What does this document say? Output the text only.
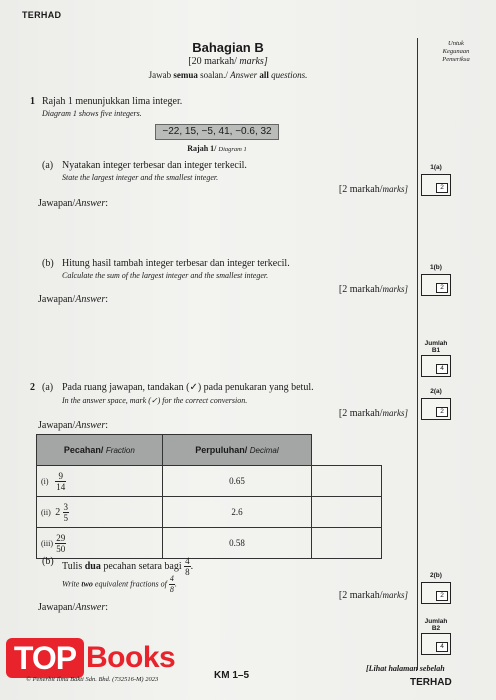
TERHAD
Bahagian B
[20 markah/ marks]
Jawab semua soalan./ Answer all questions.
Untuk
Kegunaan
Pemeriksa
1 Rajah 1 menunjukkan lima integer.
Diagram 1 shows five integers.
−22, 15, −5, 41, −0.6, 32
Rajah 1/ Diagram 1
(a) Nyatakan integer terbesar dan integer terkecil.
State the largest integer and the smallest integer.
[2 markah/marks]
Jawapan/Answer:
(b) Hitung hasil tambah integer terbesar dan integer terkecil.
Calculate the sum of the largest integer and the smallest integer.
[2 markah/marks]
Jawapan/Answer:
2 (a) Pada ruang jawapan, tandakan (✓) pada penukaran yang betul.
In the answer space, mark (✓) for the correct conversion.
[2 markah/marks]
Jawapan/Answer:
Pecahan/ Fraction	Perpuluhan/ Decimal	
$(i) \frac{9}{14}$	0.65	
(ii) $2 \frac{3}{5}$	2.6	
$(iii) \frac{29}{50}$	0.58	
(b) Tulis dua pecahan setara bagi $\frac{4}{8}$ .
Write two equivalent fractions of $\frac{4}{8}$ .
[2 markah/marks]
Jawapan/Answer:
1(a)
2
1(b)
2
Jumlah
B1
4
2(a)
2
2(b)
2
Jumlah
B2
4
TOP Books
© Penerbit Ilmu Bakti Sdn. Bhd. (732516-M) 2023	KM 1–5
[Lihat halaman sebelah
TERHAD
